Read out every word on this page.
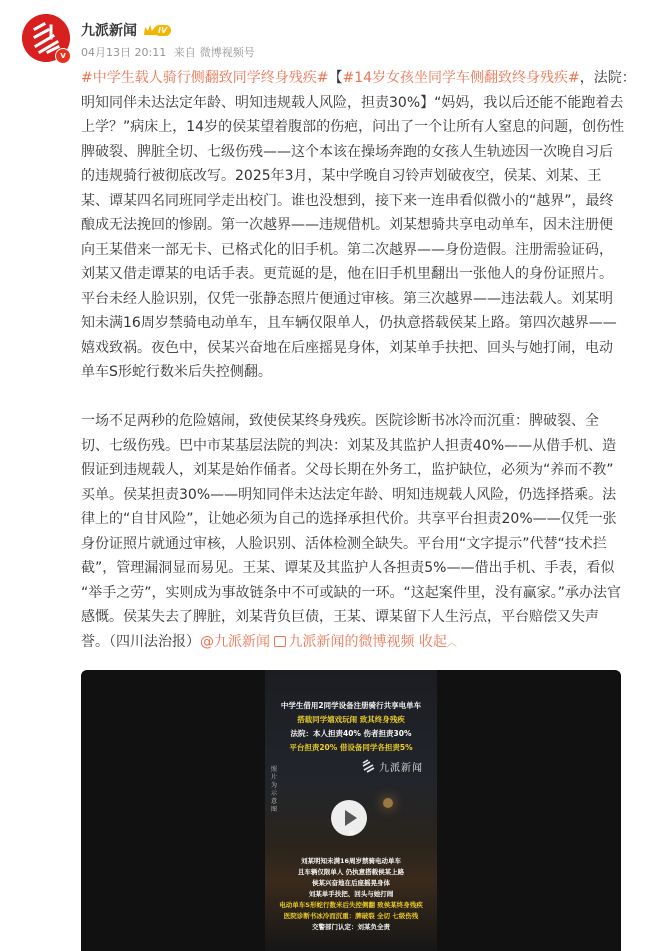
v
九派新闻	IV
04月13日 20:11 来自 微博视频号

#中学生载人骑行侧翻致同学终身残疾#【#14岁女孩坐同学车侧翻致终身残疾#，法院：

明知同伴未达法定年龄、明知违规载人风险，担责30%】“妈妈，我以后还能不能跑着去

上学？”病床上，14岁的侯某望着腹部的伤疤，问出了一个让所有人窒息的问题，创伤性

脾破裂、脾脏全切、七级伤残——这个本该在操场奔跑的女孩人生轨迹因一次晚自习后

的违规骑行被彻底改写。2025年3月，某中学晚自习铃声划破夜空，侯某、刘某、王

某、谭某四名同班同学走出校门。谁也没想到，接下来一连串看似微小的“越界”，最终

酿成无法挽回的惨剧。第一次越界——违规借机。刘某想骑共享电动单车，因未注册便

向王某借来一部无卡、已格式化的旧手机。第二次越界——身份造假。注册需验证码，

刘某又借走谭某的电话手表。更荒诞的是，他在旧手机里翻出一张他人的身份证照片。

平台未经人脸识别，仅凭一张静态照片便通过审核。第三次越界——违法载人。刘某明

知未满16周岁禁骑电动单车，且车辆仅限单人，仍执意搭载侯某上路。第四次越界——

嬉戏致祸。夜色中，侯某兴奋地在后座摇晃身体，刘某单手扶把、回头与她打闹，电动

单车S形蛇行数米后失控侧翻。

一场不足两秒的危险嬉闹，致使侯某终身残疾。医院诊断书冰冷而沉重：脾破裂、全

切、七级伤残。巴中市某基层法院的判决：刘某及其监护人担责40%——从借手机、造

假证到违规载人，刘某是始作俑者。父母长期在外务工，监护缺位，必须为“养而不教”

买单。侯某担责30%——明知同伴未达法定年龄、明知违规载人风险，仍选择搭乘。法

律上的“自甘风险”，让她必须为自己的选择承担代价。共享平台担责20%——仅凭一张

身份证照片就通过审核，人脸识别、活体检测全缺失。平台用“文字提示”代替“技术拦

截”，管理漏洞显而易见。王某、谭某及其监护人各担责5%——借出手机、手表，看似

“举手之劳”，实则成为事故链条中不可或缺的一环。“这起案件里，没有赢家。”承办法官

感慨。侯某失去了脾脏，刘某背负巨债，王某、谭某留下人生污点，平台赔偿又失声

誉。（四川法治报）@九派新闻 九派新闻的微博视频 收起︿

中学生借用2同学设备注册骑行共享电单车
搭载同学嬉戏玩闹 致其终身残疾
法院：本人担责40% 伤者担责30%
平台担责20% 借设备同学各担责5%
九派新闻
照片为示意图
刘某明知未满16周岁禁骑电动单车
且车辆仅限单人 仍执意搭载侯某上路
侯某兴奋地在后座摇晃身体
刘某单手扶把、回头与她打闹
电动单车S形蛇行数米后失控侧翻 致侯某终身残疾
医院诊断书冰冷而沉重：脾破裂 全切 七级伤残
交警部门认定：刘某负全责
